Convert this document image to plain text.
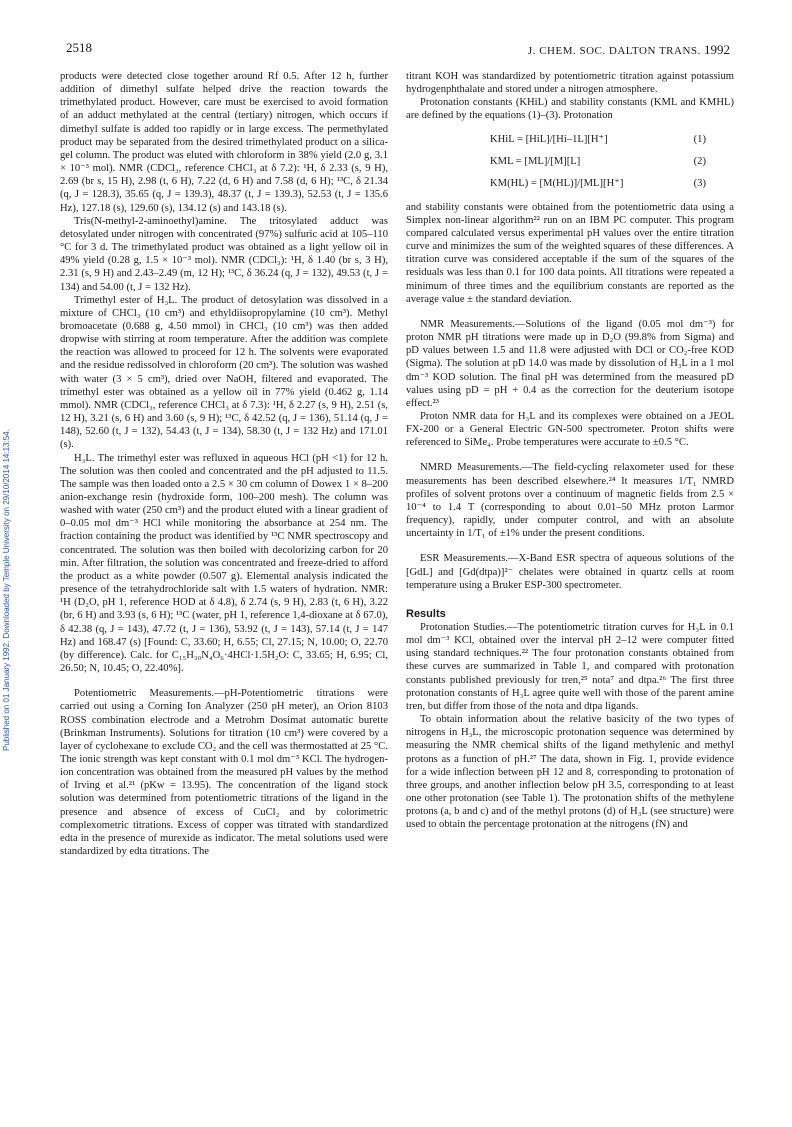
2518	J. CHEM. SOC. DALTON TRANS. 1992
Published on 01 January 1992. Downloaded by Temple University on 29/10/2014 14:13:54.

products were detected close together around Rf 0.5. After 12 h, further addition of dimethyl sulfate helped drive the reaction towards the trimethylated product. However, care must be exercised to avoid formation of an adduct methylated at the central (tertiary) nitrogen, which occurs if dimethyl sulfate is added too rapidly or in large excess. The permethylated product may be separated from the desired trimethylated product on a silica-gel column. The product was eluted with chloroform in 38% yield (2.0 g, 3.1 × 10⁻³ mol). NMR (CDCl₃, reference CHCl₃ at δ 7.2): ¹H, δ 2.33 (s, 9 H), 2.69 (br s, 15 H), 2.98 (t, 6 H), 7.22 (d, 6 H) and 7.58 (d, 6 H); ¹³C, δ 21.34 (q, J = 128.3), 35.65 (q, J = 139.3), 48.37 (t, J = 139.3), 52.53 (t, J = 135.6 Hz), 127.18 (s), 129.60 (s), 134.12 (s) and 143.18 (s).

Tris(N-methyl-2-aminoethyl)amine. The tritosylated adduct was detosylated under nitrogen with concentrated (97%) sulfuric acid at 105–110 °C for 3 d. The trimethylated product was obtained as a light yellow oil in 49% yield (0.28 g, 1.5 × 10⁻³ mol). NMR (CDCl₃): ¹H, δ 1.40 (br s, 3 H), 2.31 (s, 9 H) and 2.43–2.49 (m, 12 H); ¹³C, δ 36.24 (q, J = 132), 49.53 (t, J = 134) and 54.00 (t, J = 132 Hz).

Trimethyl ester of H₃L. The product of detosylation was dissolved in a mixture of CHCl₃ (10 cm³) and ethyldiisopropylamine (10 cm³). Methyl bromoacetate (0.688 g, 4.50 mmol) in CHCl₃ (10 cm³) was then added dropwise with stirring at room temperature. After the addition was complete the reaction was allowed to proceed for 12 h. The solvents were evaporated and the residue redissolved in chloroform (20 cm³). The solution was washed with water (3 × 5 cm³), dried over NaOH, filtered and evaporated. The trimethyl ester was obtained as a yellow oil in 77% yield (0.462 g, 1.14 mmol). NMR (CDCl₃, reference CHCl₃ at δ 7.3): ¹H, δ 2.27 (s, 9 H), 2.51 (s, 12 H), 3.21 (s, 6 H) and 3.60 (s, 9 H); ¹³C, δ 42.52 (q, J = 136), 51.14 (q, J = 148), 52.60 (t, J = 132), 54.43 (t, J = 134), 58.30 (t, J = 132 Hz) and 171.01 (s).

H₃L. The trimethyl ester was refluxed in aqueous HCl (pH <1) for 12 h. The solution was then cooled and concentrated and the pH adjusted to 11.5. The sample was then loaded onto a 2.5 × 30 cm column of Dowex 1 × 8–200 anion-exchange resin (hydroxide form, 100–200 mesh). The column was washed with water (250 cm³) and the product eluted with a linear gradient of 0–0.05 mol dm⁻³ HCl while monitoring the absorbance at 254 nm. The fraction containing the product was identified by ¹³C NMR spectroscopy and concentrated. The solution was then boiled with decolorizing carbon for 20 min. After filtration, the solution was concentrated and freeze-dried to afford the product as a white powder (0.507 g). Elemental analysis indicated the presence of the tetrahydrochloride salt with 1.5 waters of hydration. NMR: ¹H (D₂O, pH 1, reference HOD at δ 4.8), δ 2.74 (s, 9 H), 2.83 (t, 6 H), 3.22 (br, 6 H) and 3.93 (s, 6 H); ¹³C (water, pH 1, reference 1,4-dioxane at δ 67.0), δ 42.38 (q, J = 143), 47.72 (t, J = 136), 53.92 (t, J = 143), 57.14 (t, J = 147 Hz) and 168.47 (s) [Found: C, 33.60; H, 6.55; Cl, 27.15; N, 10.00; O, 22.70 (by difference). Calc. for C₁₅H₃₀N₄O₆·4HCl·1.5H₂O: C, 33.65; H, 6.95; Cl, 26.50; N, 10.45; O, 22.40%].

Potentiometric Measurements.—pH-Potentiometric titrations were carried out using a Corning Ion Analyzer (250 pH meter), an Orion 8103 ROSS combination electrode and a Metrohm Dosimat automatic burette (Brinkman Instruments). Solutions for titration (10 cm³) were covered by a layer of cyclohexane to exclude CO₂ and the cell was thermostatted at 25 °C. The ionic strength was kept constant with 0.1 mol dm⁻³ KCl. The hydrogen-ion concentration was obtained from the measured pH values by the method of Irving et al.²¹ (pKw = 13.95). The concentration of the ligand stock solution was determined from potentiometric titrations of the ligand in the presence and absence of excess of CuCl₂ and by colorimetric complexometric titrations. Excess of copper was titrated with standardized edta in the presence of murexide as indicator. The metal solutions used were standardized by edta titrations. The

titrant KOH was standardized by potentiometric titration against potassium hydrogenphthalate and stored under a nitrogen atmosphere.

Protonation constants (KHiL) and stability constants (KML and KMHL) are defined by the equations (1)–(3). Protonation

KHiL = [HiL]/[Hi–1L][H⁺]	(1)
KML = [ML]/[M][L]	(2)
KM(HL) = [M(HL)]/[ML][H⁺]	(3)

and stability constants were obtained from the potentiometric data using a Simplex non-linear algorithm²² run on an IBM PC computer. This program compared calculated versus experimental pH values over the entire titration curve and minimizes the sum of the weighted squares of these differences. A titration curve was considered acceptable if the sum of the squares of the residuals was less than 0.1 for 100 data points. All titrations were repeated a minimum of three times and the equilibrium constants are reported as the average value ± the standard deviation.

NMR Measurements.—Solutions of the ligand (0.05 mol dm⁻³) for proton NMR pH titrations were made up in D₂O (99.8% from Sigma) and pD values between 1.5 and 11.8 were adjusted with DCl or CO₂-free KOD (Sigma). The solution at pD 14.0 was made by dissolution of H₃L in a 1 mol dm⁻³ KOD solution. The final pH was determined from the measured pD values using pD = pH + 0.4 as the correction for the deuterium isotope effect.²³

Proton NMR data for H₃L and its complexes were obtained on a JEOL FX-200 or a General Electric GN-500 spectrometer. Proton shifts were referenced to SiMe₄. Probe temperatures were accurate to ±0.5 °C.

NMRD Measurements.—The field-cycling relaxometer used for these measurements has been described elsewhere.²⁴ It measures 1/T₁ NMRD profiles of solvent protons over a continuum of magnetic fields from 2.5 × 10⁻⁴ to 1.4 T (corresponding to about 0.01–50 MHz proton Larmor frequency), rapidly, under computer control, and with an absolute uncertainty in 1/T₁ of ±1% under the present conditions.

ESR Measurements.—X-Band ESR spectra of aqueous solutions of the [GdL] and [Gd(dtpa)]²⁻ chelates were obtained in quartz cells at room temperature using a Bruker ESP-300 spectrometer.

Results

Protonation Studies.—The potentiometric titration curves for H₃L in 0.1 mol dm⁻³ KCl, obtained over the interval pH 2–12 were computer fitted using standard techniques.²² The four protonation constants obtained from these curves are summarized in Table 1, and compared with protonation constants published previously for tren,²⁵ nota⁷ and dtpa.²⁶ The first three protonation constants of H₃L agree quite well with those of the parent amine tren, but differ from those of the nota and dtpa ligands.

To obtain information about the relative basicity of the two types of nitrogens in H₃L, the microscopic protonation sequence was determined by measuring the NMR chemical shifts of the ligand methylenic and methyl protons as a function of pH.²⁷ The data, shown in Fig. 1, provide evidence for a wide inflection between pH 12 and 8, corresponding to protonation of three groups, and another inflection below pH 3.5, corresponding to at least one other protonation (see Table 1). The protonation shifts of the methylene protons (a, b and c) and of the methyl protons (d) of H₃L (see structure) were used to obtain the percentage protonation at the nitrogens (fN) and
